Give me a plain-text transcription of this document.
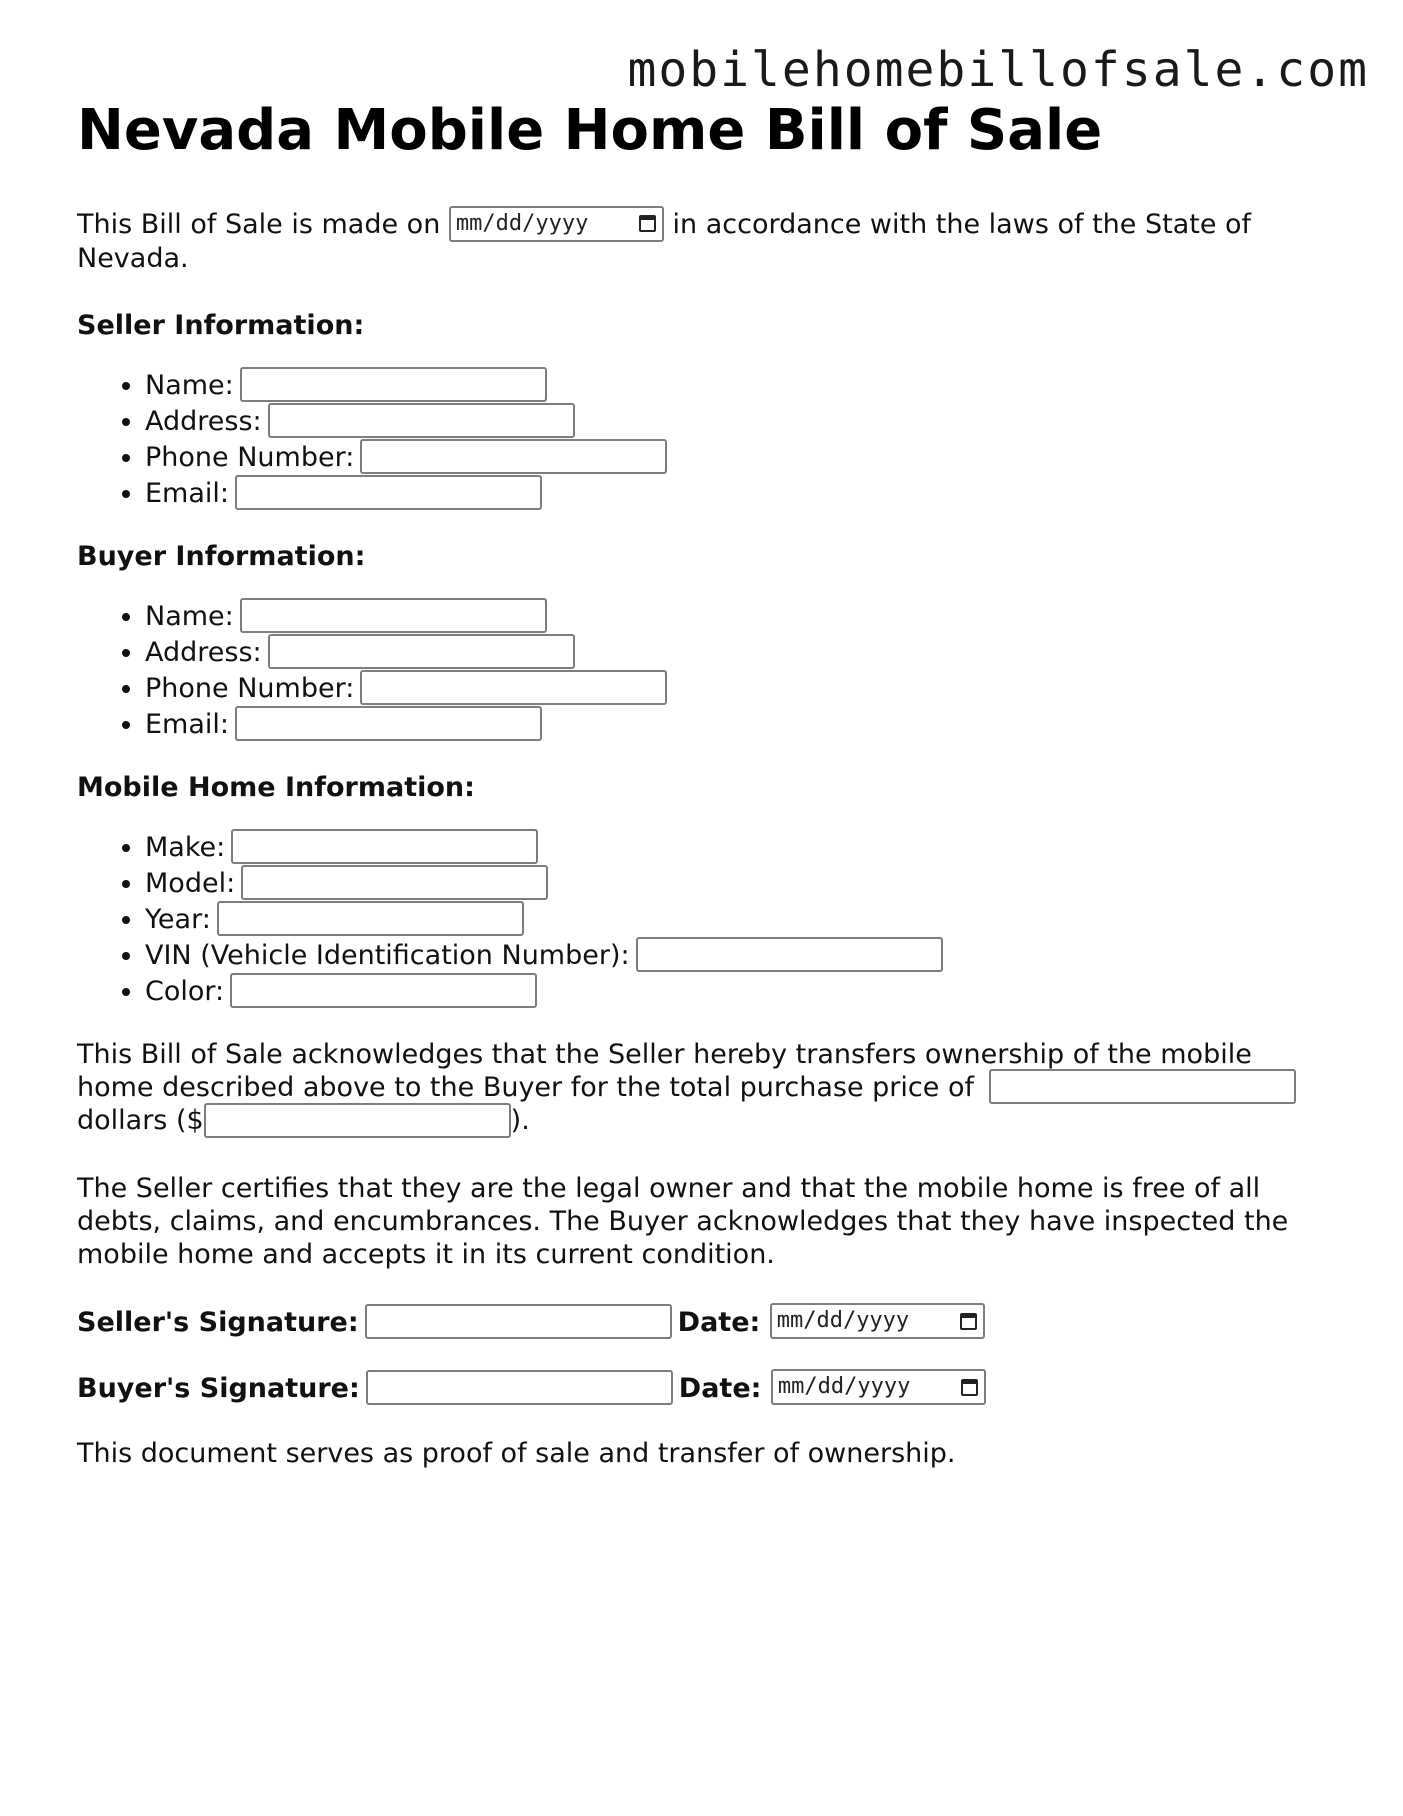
mobilehomebillofsale.com
Nevada Mobile Home Bill of Sale

This Bill of Sale is made on mm/dd/yyyy	in accordance with the laws of the State of Nevada.

Seller Information:
• Name:
• Address:
• Phone Number:
• Email:
Buyer Information:
• Name:
• Address:
• Phone Number:
• Email:
Mobile Home Information:
• Make:
• Model:
• Year:
• VIN (Vehicle Identification Number):
• Color:

This Bill of Sale acknowledges that the Seller hereby transfers ownership of the mobile home described above to the Buyer for the total purchase price of  dollars ($	).

The Seller certifies that they are the legal owner and that the mobile home is free of all debts, claims, and encumbrances. The Buyer acknowledges that they have inspected the mobile home and accepts it in its current condition.

Seller's Signature:	Date: mm/dd/yyyy
Buyer's Signature:	Date: mm/dd/yyyy

This document serves as proof of sale and transfer of ownership.
